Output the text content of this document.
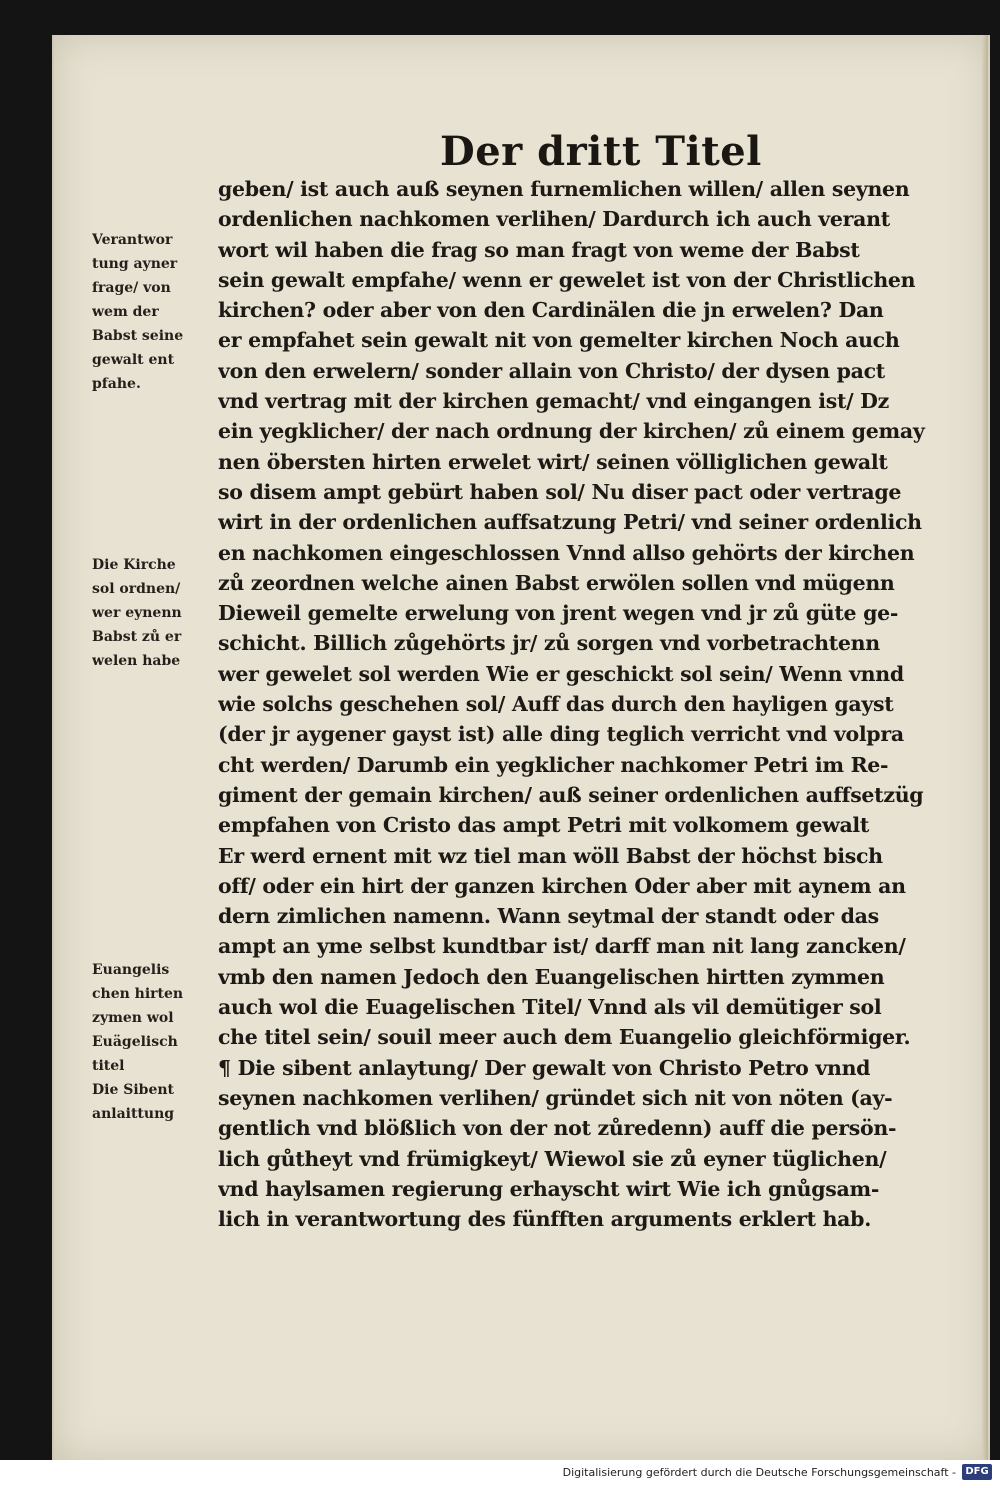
Der dritt Titel
Verantwor
tung ayner
frage/ von
wem der
Babst seine
gewalt ent
pfahe.
Die Kirche
sol ordnen/
wer eynenn
Babst zů er
welen habe
Euangelis
chen hirten
zymen wol
Euägelisch
titel
Die Sibent
anlaittung
geben/ ist auch auß seynen furnemlichen willen/ allen seynen
ordenlichen nachkomen verlihen/ Dardurch ich auch verant
wort wil haben die frag so man fragt von weme der Babst
sein gewalt empfahe/ wenn er gewelet ist von der Christlichen
kirchen? oder aber von den Cardinälen die jn erwelen? Dan
er empfahet sein gewalt nit von gemelter kirchen Noch auch
von den erwelern/ sonder allain von Christo/ der dysen pact
vnd vertrag mit der kirchen gemacht/ vnd eingangen ist/ Dz
ein yegklicher/ der nach ordnung der kirchen/ zů einem gemay
nen öbersten hirten erwelet wirt/ seinen völliglichen gewalt
so disem ampt gebürt haben sol/ Nu diser pact oder vertrage
wirt in der ordenlichen auffsatzung Petri/ vnd seiner ordenlich
en nachkomen eingeschlossen Vnnd allso gehörts der kirchen
zů zeordnen welche ainen Babst erwölen sollen vnd mügenn
Dieweil gemelte erwelung von jrent wegen vnd jr zů güte ge-
schicht. Billich zůgehörts jr/ zů sorgen vnd vorbetrachtenn
wer gewelet sol werden Wie er geschickt sol sein/ Wenn vnnd
wie solchs geschehen sol/ Auff das durch den hayligen gayst
(der jr aygener gayst ist) alle ding teglich verricht vnd volpra
cht werden/ Darumb ein yegklicher nachkomer Petri im Re-
giment der gemain kirchen/ auß seiner ordenlichen auffsetzüg
empfahen von Cristo das ampt Petri mit volkomem gewalt
Er werd ernent mit wz tiel man wöll Babst der höchst bisch
off/ oder ein hirt der ganzen kirchen Oder aber mit aynem an
dern zimlichen namenn. Wann seytmal der standt oder das
ampt an yme selbst kundtbar ist/ darff man nit lang zancken/
vmb den namen Jedoch den Euangelischen hirtten zymmen
auch wol die Euagelischen Titel/ Vnnd als vil demütiger sol
che titel sein/ souil meer auch dem Euangelio gleichförmiger.
¶ Die sibent anlaytung/ Der gewalt von Christo Petro vnnd
seynen nachkomen verlihen/ gründet sich nit von nöten (ay-
gentlich vnd blößlich von der not zůredenn) auff die persön-
lich gůtheyt vnd frümigkeyt/ Wiewol sie zů eyner tüglichen/
vnd haylsamen regierung erhayscht wirt Wie ich gnůgsam-
lich in verantwortung des fünfften arguments erklert hab.
Digitalisierung gefördert durch die Deutsche Forschungsgemeinschaft - DFG
